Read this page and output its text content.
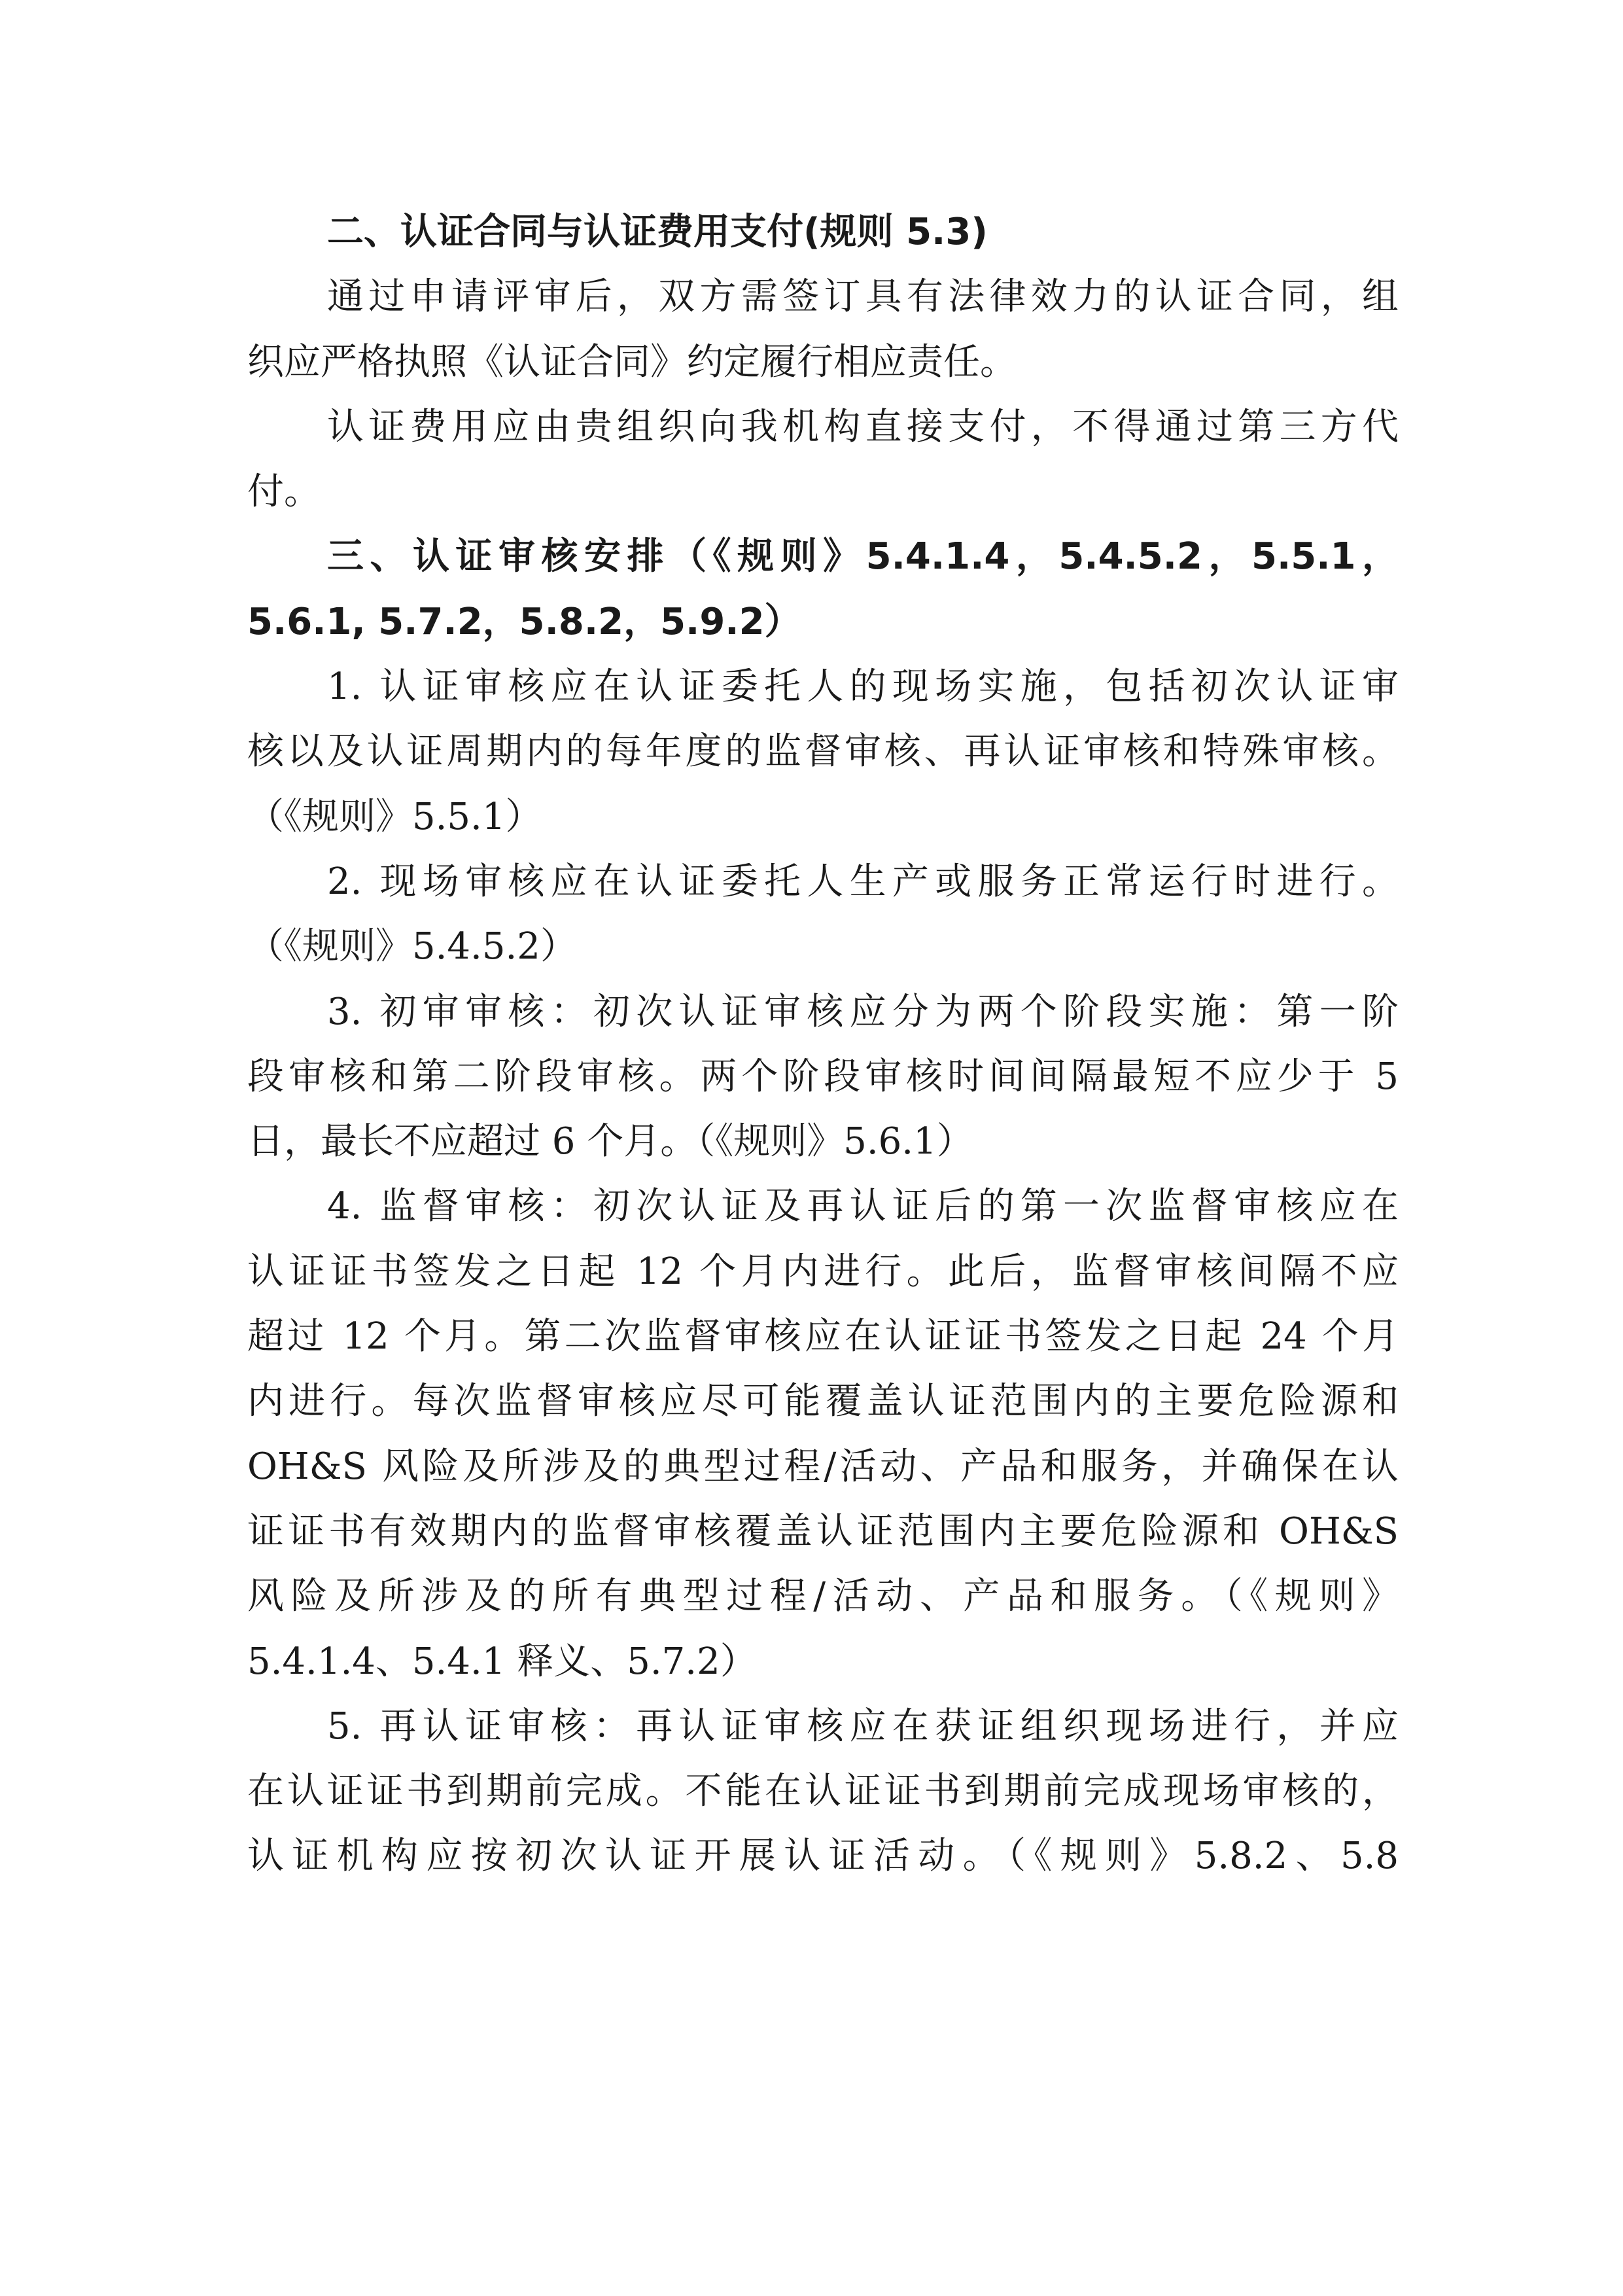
二、认证合同与认证费用支付(规则 5.3)
通过申请评审后，双方需签订具有法律效力的认证合同，组
织应严格执照《认证合同》约定履行相应责任。
认证费用应由贵组织向我机构直接支付，不得通过第三方代
付。
三、认证审核安排（《规则》5.4.1.4，5.4.5.2，5.5.1，
5.6.1, 5.7.2，5.8.2，5.9.2）
1. 认证审核应在认证委托人的现场实施，包括初次认证审
核以及认证周期内的每年度的监督审核、再认证审核和特殊审核。
（《规则》5.5.1）
2. 现场审核应在认证委托人生产或服务正常运行时进行。
（《规则》5.4.5.2）
3. 初审审核：初次认证审核应分为两个阶段实施：第一阶
段审核和第二阶段审核。两个阶段审核时间间隔最短不应少于 5
日，最长不应超过 6 个月。（《规则》5.6.1）
4. 监督审核：初次认证及再认证后的第一次监督审核应在
认证证书签发之日起 12 个月内进行。此后，监督审核间隔不应
超过 12 个月。第二次监督审核应在认证证书签发之日起 24 个月
内进行。每次监督审核应尽可能覆盖认证范围内的主要危险源和
OH&S 风险及所涉及的典型过程/活动、产品和服务，并确保在认
证证书有效期内的监督审核覆盖认证范围内主要危险源和 OH&S
风险及所涉及的所有典型过程/活动、产品和服务。（《规则》
5.4.1.4、5.4.1 释义、5.7.2）
5. 再认证审核：再认证审核应在获证组织现场进行，并应
在认证证书到期前完成。不能在认证证书到期前完成现场审核的，
认证机构应按初次认证开展认证活动。（《规则》5.8.2、5.8
